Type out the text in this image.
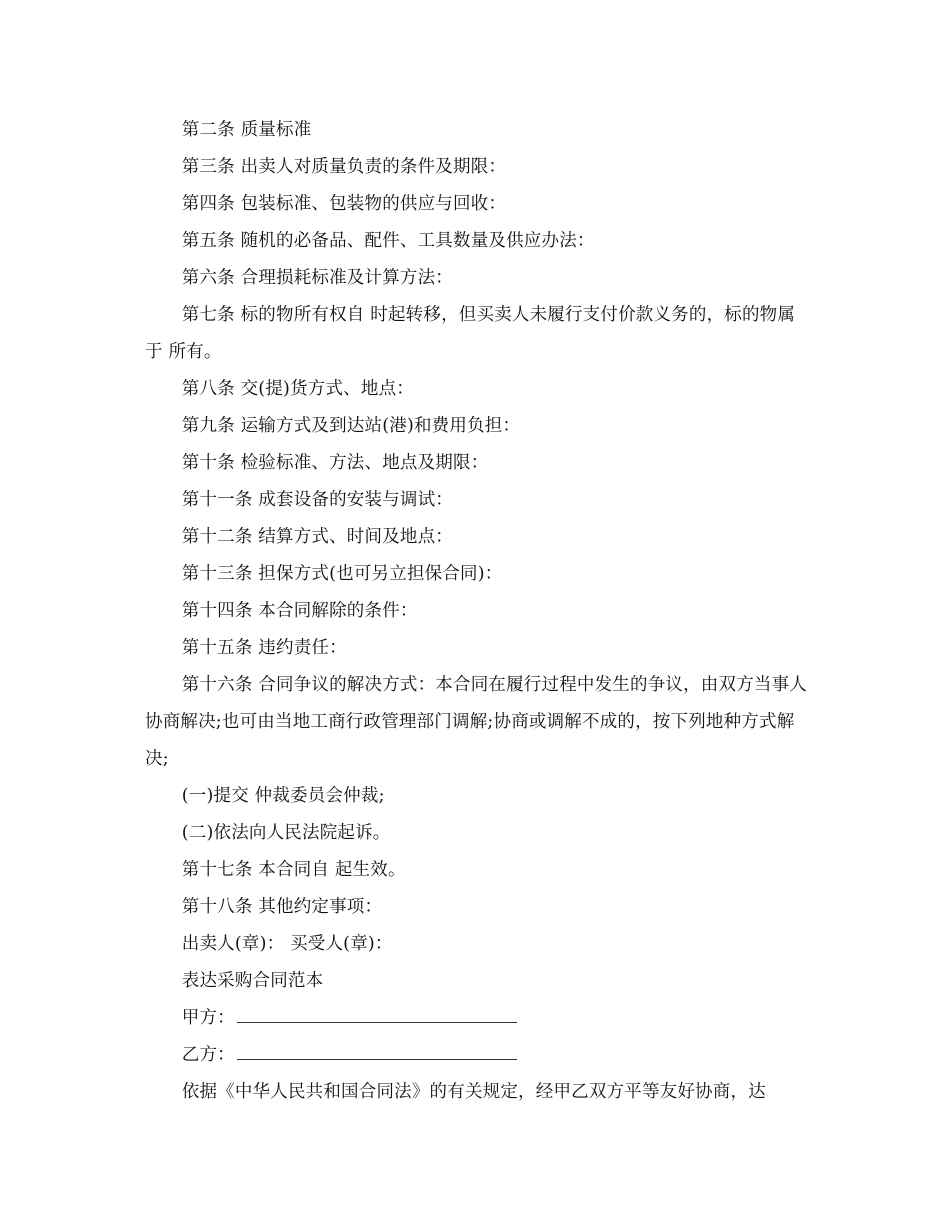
第二条 质量标准

第三条 出卖人对质量负责的条件及期限：

第四条 包装标准、包装物的供应与回收：

第五条 随机的必备品、配件、工具数量及供应办法：

第六条 合理损耗标准及计算方法：

第七条 标的物所有权自 时起转移，但买卖人未履行支付价款义务的，标的物属于 所有。

第八条 交(提)货方式、地点：

第九条 运输方式及到达站(港)和费用负担：

第十条 检验标准、方法、地点及期限：

第十一条 成套设备的安装与调试：

第十二条 结算方式、时间及地点：

第十三条 担保方式(也可另立担保合同)：

第十四条 本合同解除的条件：

第十五条 违约责任：

第十六条 合同争议的解决方式：本合同在履行过程中发生的争议，由双方当事人协商解决;也可由当地工商行政管理部门调解;协商或调解不成的，按下列地种方式解决;

(一)提交 仲裁委员会仲裁;

(二)依法向人民法院起诉。

第十七条 本合同自 起生效。

第十八条 其他约定事项：

出卖人(章)： 买受人(章)：

表达采购合同范本

甲方：

乙方：

依据《中华人民共和国合同法》的有关规定，经甲乙双方平等友好协商，达
